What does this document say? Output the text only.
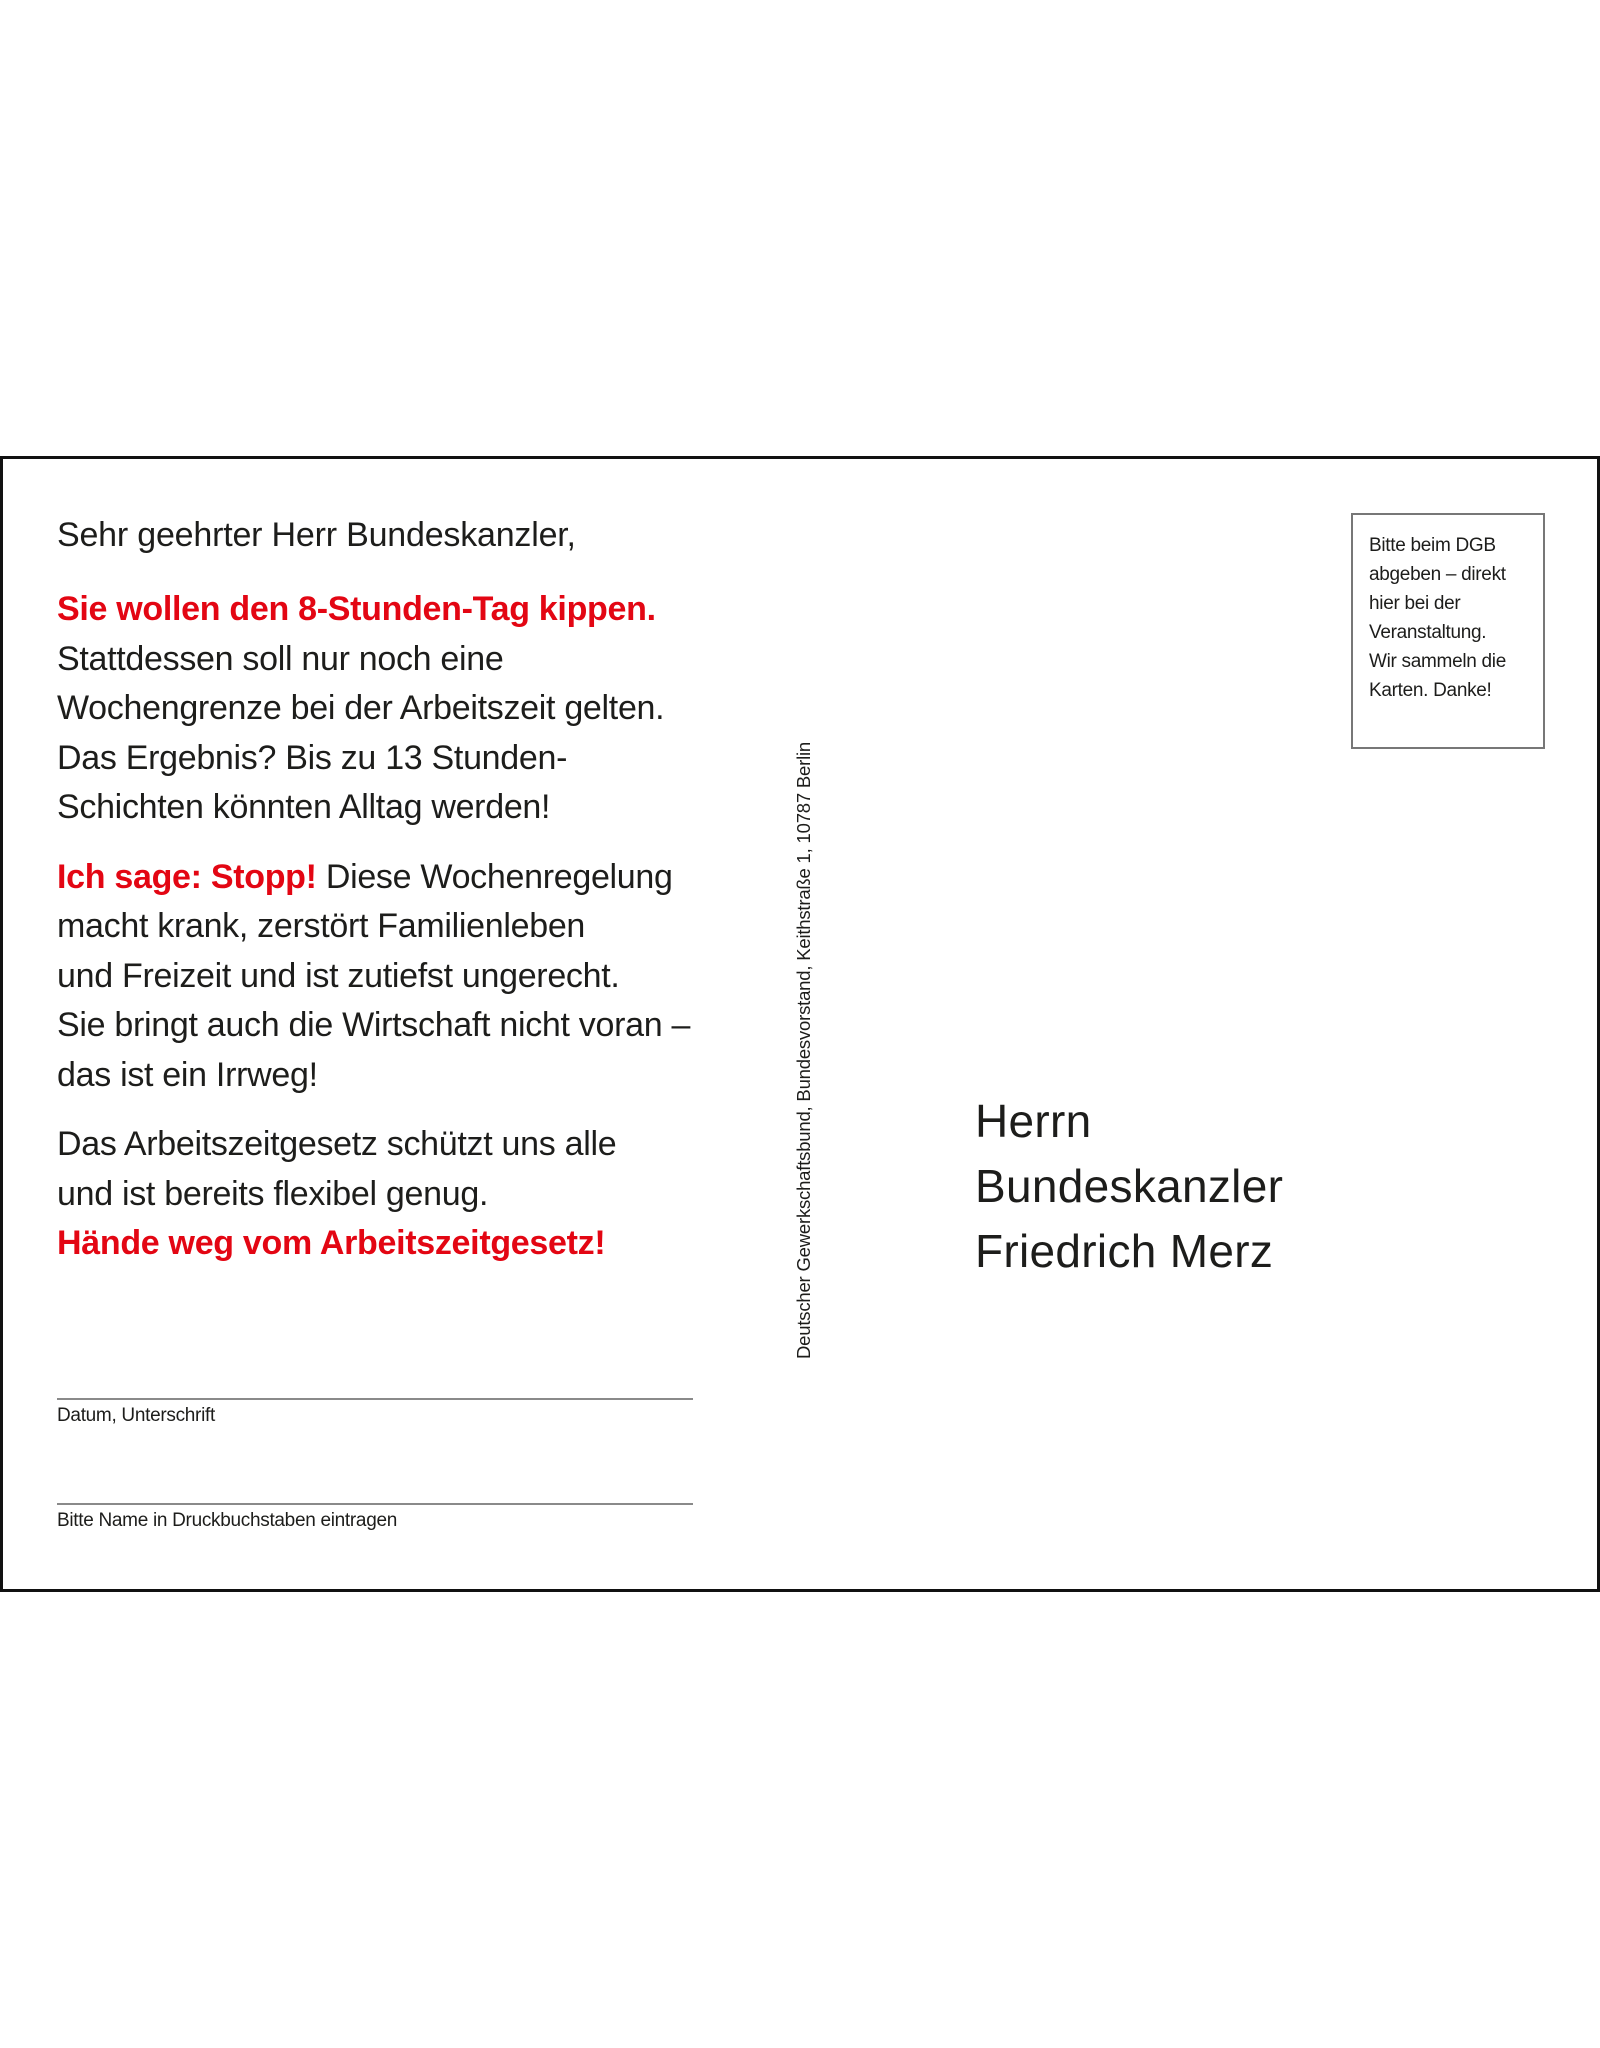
Sehr geehrter Herr Bundeskanzler,

Sie wollen den 8-Stunden-Tag kippen.
Stattdessen soll nur noch eine
Wochengrenze bei der Arbeitszeit gelten.
Das Ergebnis? Bis zu 13 Stunden-
Schichten könnten Alltag werden!

Ich sage: Stopp! Diese Wochenregelung
macht krank, zerstört Familienleben
und Freizeit und ist zutiefst ungerecht.
Sie bringt auch die Wirtschaft nicht voran –
das ist ein Irrweg!

Das Arbeitszeitgesetz schützt uns alle
und ist bereits flexibel genug.
Hände weg vom Arbeitszeitgesetz!

Datum, Unterschrift
Bitte Name in Druckbuchstaben eintragen
Deutscher Gewerkschaftsbund, Bundesvorstand, Keithstraße 1, 10787 Berlin
Bitte beim DGB
abgeben – direkt
hier bei der
Veranstaltung.
Wir sammeln die
Karten. Danke!
Herrn
Bundeskanzler
Friedrich Merz
